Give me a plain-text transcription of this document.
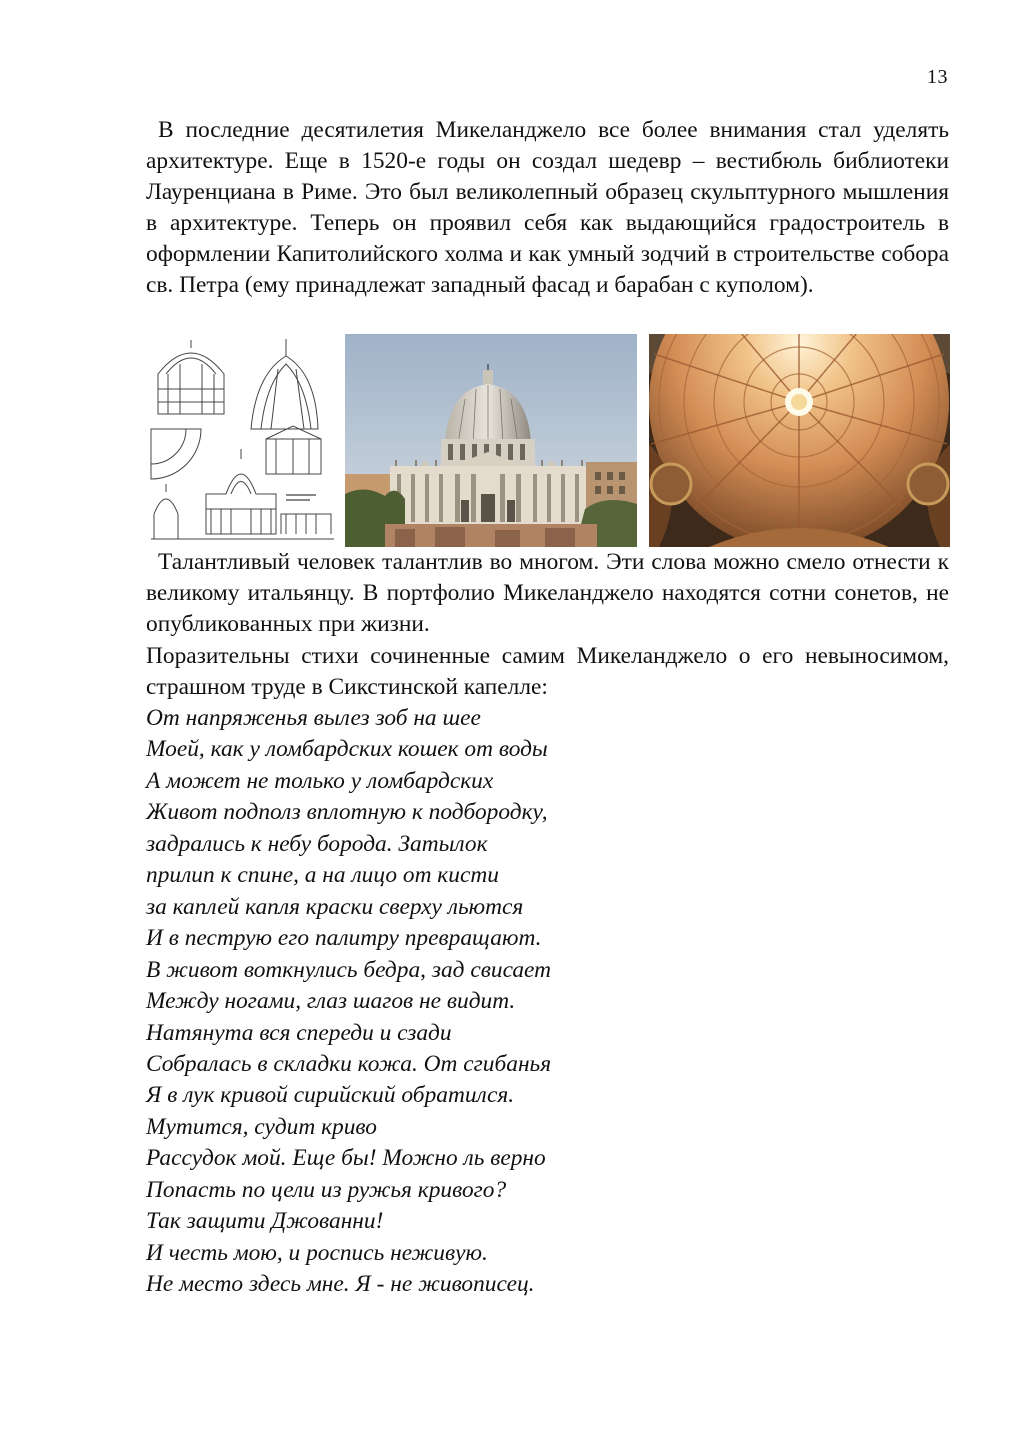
13

В последние десятилетия Микеланджело все более внимания стал уделять архитектуре. Еще в 1520-е годы он создал шедевр – вестибюль библиотеки Лауренциана в Риме. Это был великолепный образец скульптурного мышления в архитектуре. Теперь он проявил себя как выдающийся градостроитель в оформлении Капитолийского холма и как умный зодчий в строительстве собора св. Петра (ему принадлежат западный фасад и барабан с куполом).

Талантливый человек талантлив во многом. Эти слова можно смело отнести к великому итальянцу. В портфолио Микеланджело находятся сотни сонетов, не опубликованных при жизни.

Поразительны стихи сочиненные самим Микеланджело о его невыносимом, страшном труде в Сикстинской капелле:

От напряженья вылез зоб на шее
Моей, как у ломбардских кошек от воды
А может не только у ломбардских
Живот подполз вплотную к подбородку,
задрались к небу борода. Затылок
прилип к спине, а на лицо от кисти
за каплей капля краски сверху льются
И в пеструю его палитру превращают.
В живот воткнулись бедра, зад свисает
Между ногами, глаз шагов не видит.
Натянута вся спереди и сзади
Собралась в складки кожа. От сгибанья
Я в лук кривой сирийский обратился.
Мутится, судит криво
Рассудок мой. Еще бы! Можно ль верно
Попасть по цели из ружья кривого?
Так защити Джованни!
И честь мою, и роспись неживую.
Не место здесь мне. Я - не живописец.
